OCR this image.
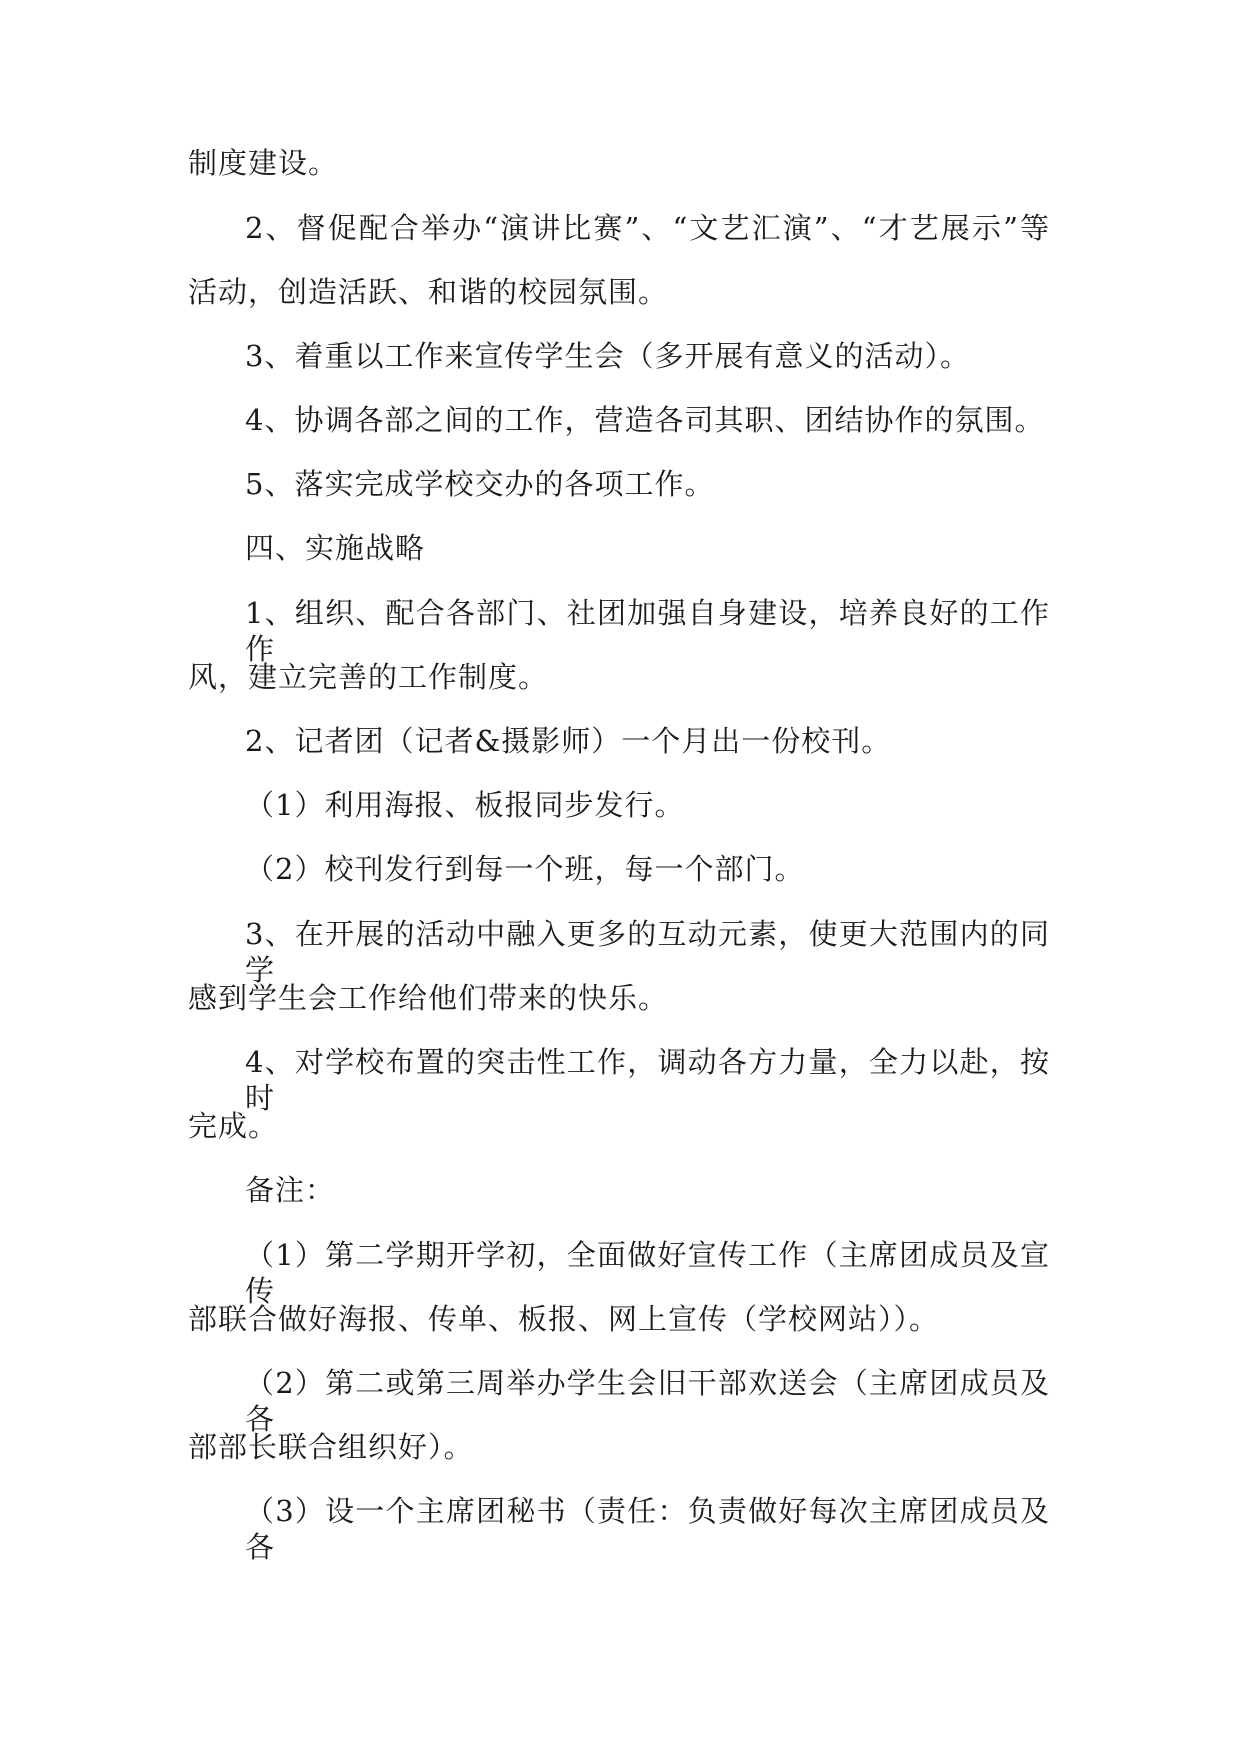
制度建设。
2、督促配合举办“演讲比赛”、“文艺汇演”、“才艺展示”等
活动，创造活跃、和谐的校园氛围。
3、着重以工作来宣传学生会（多开展有意义的活动）。
4、协调各部之间的工作，营造各司其职、团结协作的氛围。
5、落实完成学校交办的各项工作。
四、实施战略
1、组织、配合各部门、社团加强自身建设，培养良好的工作作
风，建立完善的工作制度。
2、记者团（记者&摄影师）一个月出一份校刊。
（1）利用海报、板报同步发行。
（2）校刊发行到每一个班，每一个部门。
3、在开展的活动中融入更多的互动元素，使更大范围内的同学
感到学生会工作给他们带来的快乐。
4、对学校布置的突击性工作，调动各方力量，全力以赴，按时
完成。
备注：
（1）第二学期开学初，全面做好宣传工作（主席团成员及宣传
部联合做好海报、传单、板报、网上宣传（学校网站））。
（2）第二或第三周举办学生会旧干部欢送会（主席团成员及各
部部长联合组织好）。
（3）设一个主席团秘书（责任：负责做好每次主席团成员及各
